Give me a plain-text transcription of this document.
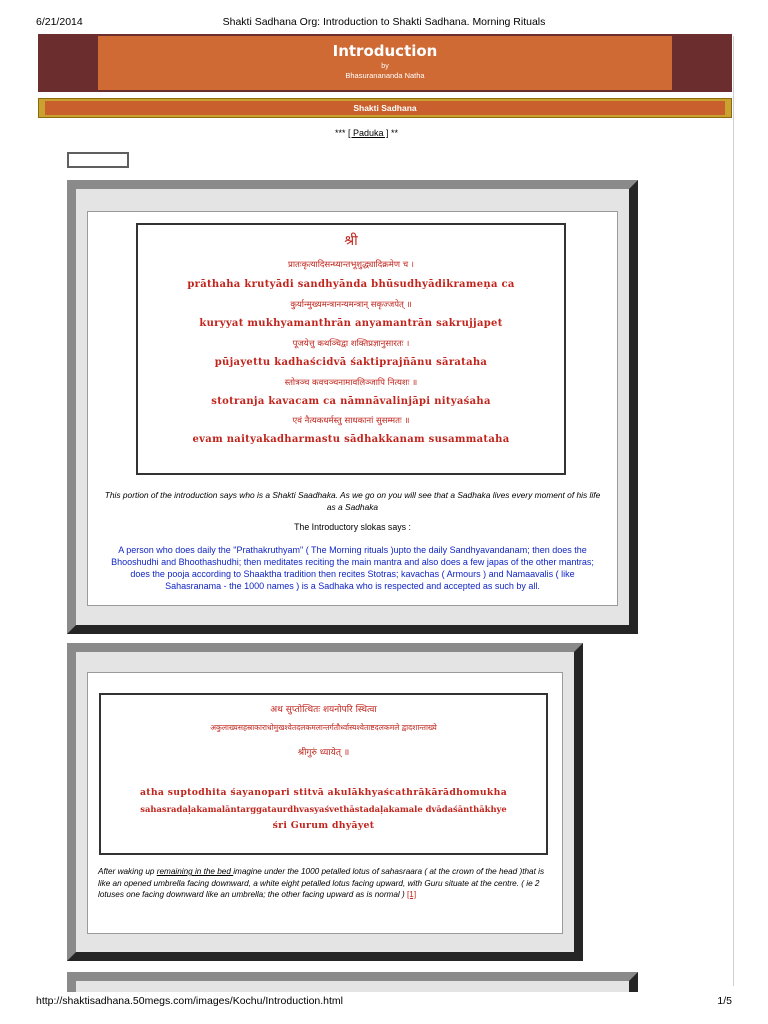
6/21/2014	Shakti Sadhana Org: Introduction to Shakti Sadhana. Morning Rituals
Introduction
by
Bhasuranananda Natha
Shakti Sadhana
*** [ Paduka ] **
श्री
प्रातःकृत्यादिसन्ध्यान्तभूशुद्ध्यादिक्रमेण च ।
prāthaha krutyādi sandhyānda bhūsudhyādikrameṇa ca
कुर्यान्मुख्यमन्त्रानन्यमन्त्रान् सकृज्जपेत् ॥
kuryyat mukhyamanthrān anyamantrān sakrujjapet
पूजयेत्तु कथञ्चिद्वा शक्तिप्रज्ञानुसारतः ।
pūjayettu kadhaścidvā śaktiprajñānu sārataha
स्तोत्रञ्च कवचञ्चनामावलिञ्जापि नित्यशः ॥
stotranja kavacam ca nāmnāvalinjāpi nityaśaha
एवं नैत्यकधर्मस्तु साधकानां सुसम्मतः ॥
evam naityakadharmastu sādhakkanam susammataha
This portion of the introduction says who is a Shakti Saadhaka. As we go on you will see that a Sadhaka lives every moment of his life as a Sadhaka
The Introductory slokas says :
A person who does daily the "Prathakruthyam" ( The Morning rituals )upto the daily Sandhyavandanam; then does the Bhooshudhi and Bhoothashudhi; then meditates reciting the main mantra and also does a few japas of the other mantras; does the pooja according to Shaaktha tradition then recites Stotras; kavachas ( Armours ) and Namaavalis ( like Sahasranama - the 1000 names ) is a Sadhaka who is respected and accepted as such by all.
अथ सुप्तोत्थितः शयनोपरि स्थित्वा
अकुलाख्यसहस्राकाराधोमुखश्वेतदलकमलान्तर्गतौर्ध्वास्यश्वेताष्टदलकमले द्वादशान्ताख्ये
श्रीगुरुं ध्यायेत् ॥
atha suptodhita śayanopari stitvā akulākhyaścathrākārādhomukha
sahasradaḷakamalāntarggataurdhvasyaśvethāstadaḷakamale dvādaśānthākhye
śri Gurum dhyāyet
After waking up remaining in the bed imagine under the 1000 petalled lotus of sahasraara ( at the crown of the head )that is like an opened umbrella facing downward, a white eight petalled lotus facing upward, with Guru situate at the centre. ( ie 2 lotuses one facing downward like an umbrella; the other facing upward as is normal ) [1]
http://shaktisadhana.50megs.com/images/Kochu/Introduction.html	1/5
